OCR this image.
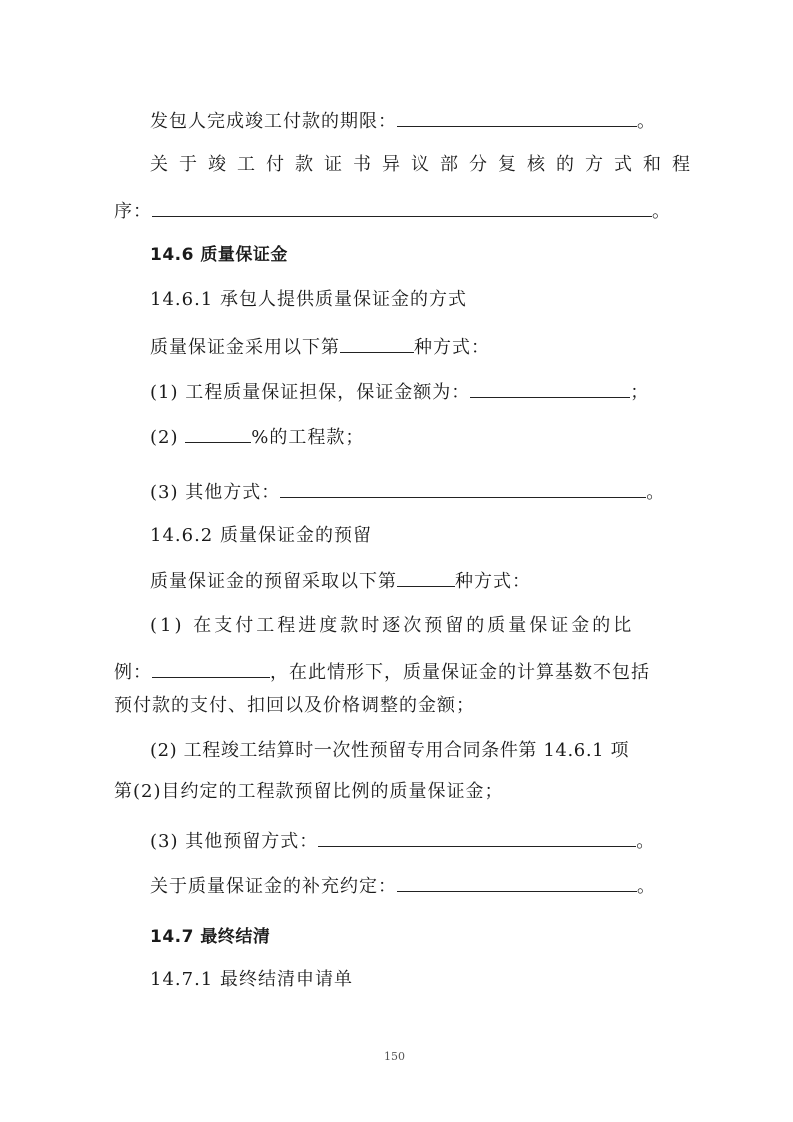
发包人完成竣工付款的期限：	。
关于竣工付款证书异议部分复核的方式和程
序：	。
14.6 质量保证金
14.6.1 承包人提供质量保证金的方式
质量保证金采用以下第	种方式：
(1) 工程质量保证担保，保证金额为：	；
(2)	%的工程款；
(3) 其他方式：	。
14.6.2 质量保证金的预留
质量保证金的预留采取以下第	种方式：
(1) 在支付工程进度款时逐次预留的质量保证金的比
例：	，在此情形下，质量保证金的计算基数不包括
预付款的支付、扣回以及价格调整的金额；
(2) 工程竣工结算时一次性预留专用合同条件第 14.6.1 项
第(2)目约定的工程款预留比例的质量保证金；
(3) 其他预留方式：	。
关于质量保证金的补充约定：	。
14.7 最终结清
14.7.1 最终结清申请单
150
